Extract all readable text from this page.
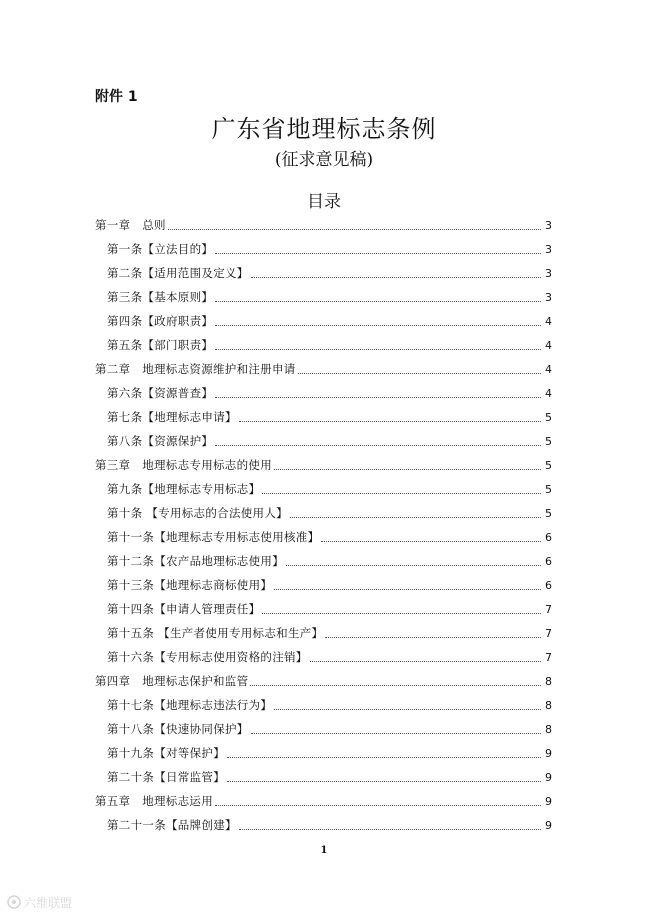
附件 1
广东省地理标志条例
(征求意见稿)
目录
第一章　总则	3
第一条【立法目的】	3
第二条【适用范围及定义】	3
第三条【基本原则】	3
第四条【政府职责】	4
第五条【部门职责】	4
第二章　地理标志资源维护和注册申请	4
第六条【资源普查】	4
第七条【地理标志申请】	5
第八条【资源保护】	5
第三章　地理标志专用标志的使用	5
第九条【地理标志专用标志】	5
第十条 【专用标志的合法使用人】	5
第十一条【地理标志专用标志使用核准】	6
第十二条【农产品地理标志使用】	6
第十三条【地理标志商标使用】	6
第十四条【申请人管理责任】	7
第十五条 【生产者使用专用标志和生产】	7
第十六条【专用标志使用资格的注销】	7
第四章　地理标志保护和监管	8
第十七条【地理标志违法行为】	8
第十八条【快速协同保护】	8
第十九条【对等保护】	9
第二十条【日常监管】	9
第五章　地理标志运用	9
第二十一条【品牌创建】	9
1
六维联盟
